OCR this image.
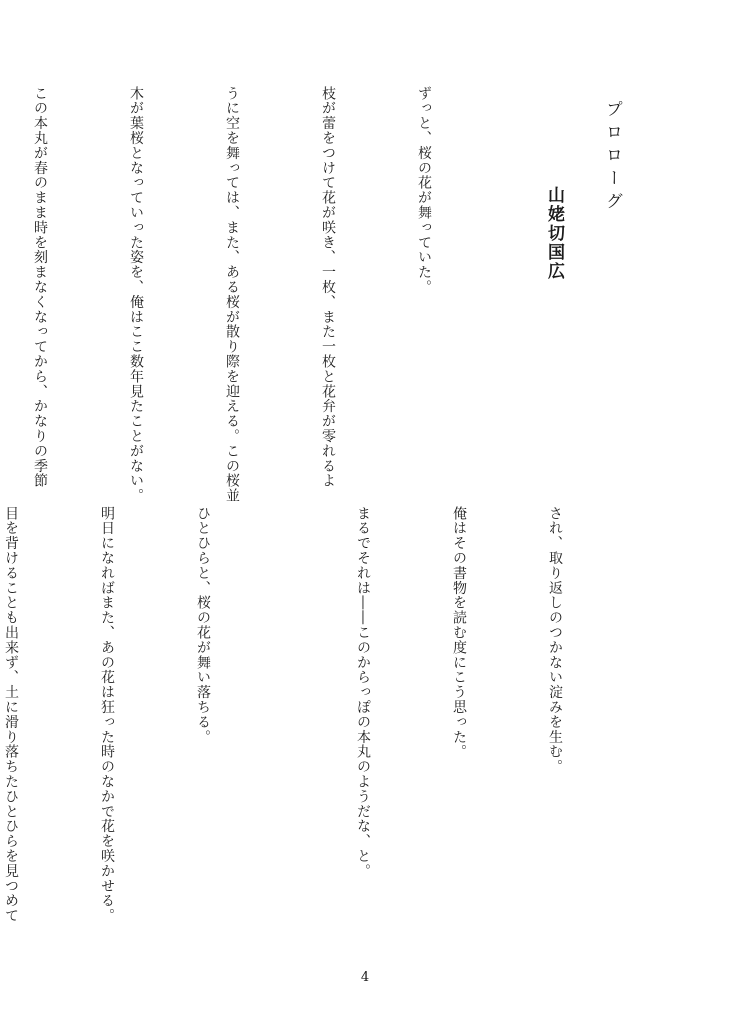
プロローグ
山姥切国広

ずっと、桜の花が舞っていた。

枝が蕾をつけて花が咲き、一枚、また一枚と花弁が零れるよ

うに空を舞っては、また、ある桜が散り際を迎える。この桜並

木が葉桜となっていった姿を、俺はここ数年見たことがない。

この本丸が春のまま時を刻まなくなってから、かなりの季節

され、取り返しのつかない淀みを生む。

俺はその書物を読む度にこう思った。

まるでそれは――このからっぽの本丸のようだな、と。

ひとひらと、桜の花が舞い落ちる。

明日になればまた、あの花は狂った時のなかで花を咲かせる。

目を背けることも出来ず、土に滑り落ちたひとひらを見つめて

4
